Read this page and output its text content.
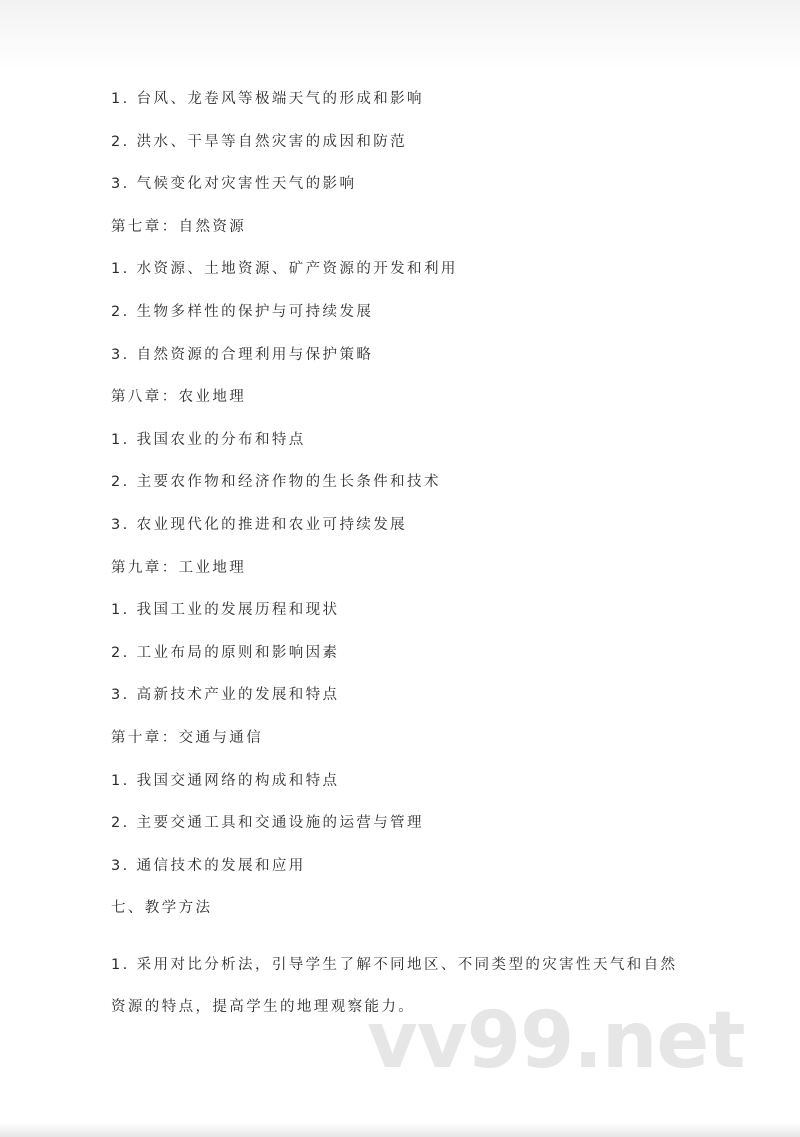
1. 台风、龙卷风等极端天气的形成和影响
2. 洪水、干旱等自然灾害的成因和防范
3. 气候变化对灾害性天气的影响
第七章：自然资源
1. 水资源、土地资源、矿产资源的开发和利用
2. 生物多样性的保护与可持续发展
3. 自然资源的合理利用与保护策略
第八章：农业地理
1. 我国农业的分布和特点
2. 主要农作物和经济作物的生长条件和技术
3. 农业现代化的推进和农业可持续发展
第九章：工业地理
1. 我国工业的发展历程和现状
2. 工业布局的原则和影响因素
3. 高新技术产业的发展和特点
第十章：交通与通信
1. 我国交通网络的构成和特点
2. 主要交通工具和交通设施的运营与管理
3. 通信技术的发展和应用
七、教学方法
1. 采用对比分析法，引导学生了解不同地区、不同类型的灾害性天气和自然资源的特点，提高学生的地理观察能力。
vv99.net
